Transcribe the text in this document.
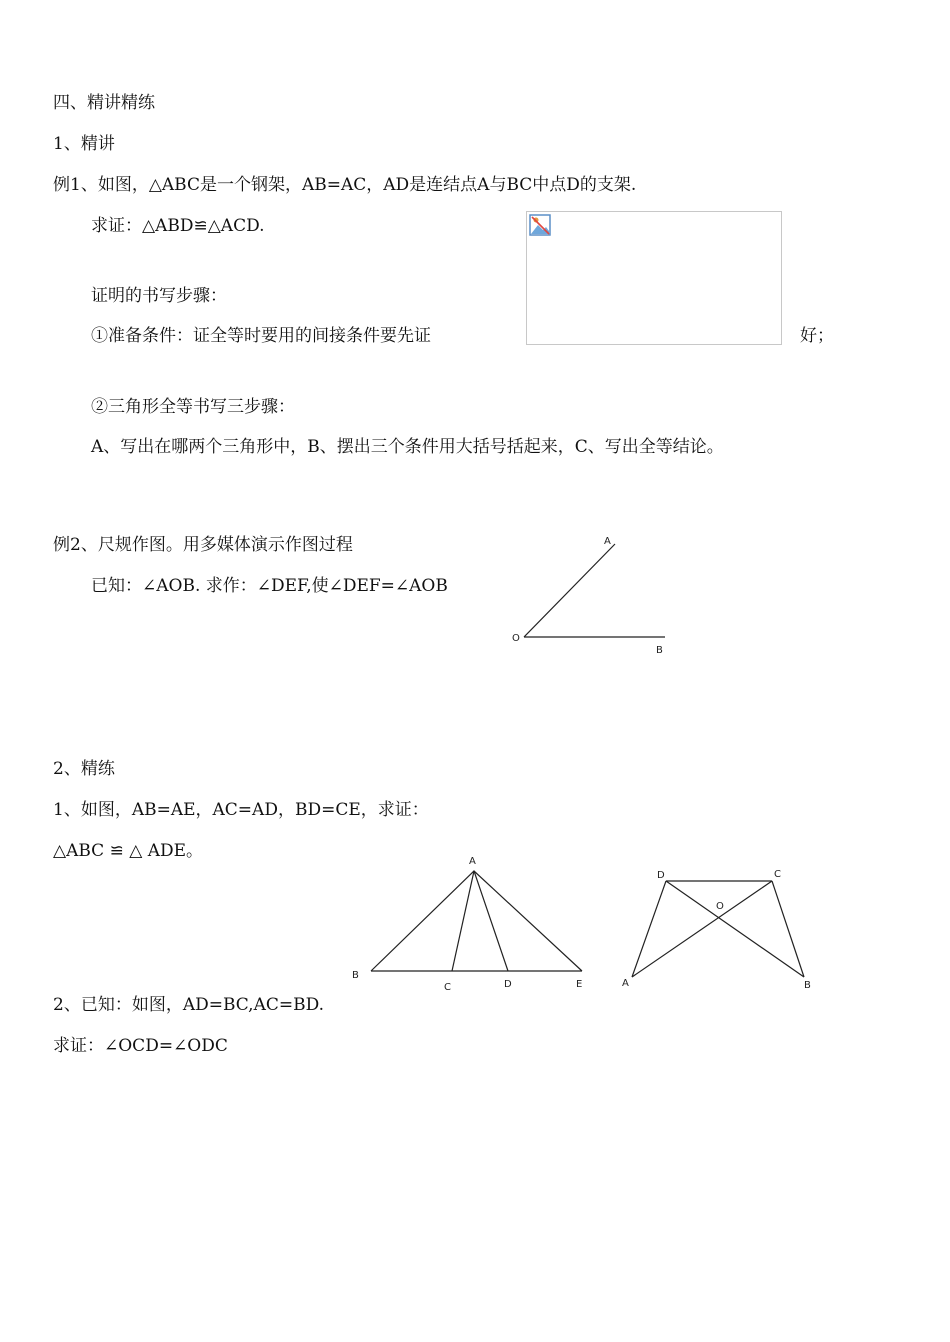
四、精讲精练
1、精讲
例1、如图，△ABC是一个钢架，AB=AC，AD是连结点A与BC中点D的支架.
求证：△ABD≌△ACD.
证明的书写步骤：
①准备条件：证全等时要用的间接条件要先证	好；
②三角形全等书写三步骤：
A、写出在哪两个三角形中，B、摆出三个条件用大括号括起来，C、写出全等结论。
例2、尺规作图。用多媒体演示作图过程
已知：∠AOB. 求作：∠DEF,使∠DEF=∠AOB
A
O
B
2、精练
1、如图，AB=AE，AC=AD，BD=CE，求证：
△ABC ≌ △ ADE。
A
B
C	D	E
D	C
O
A	B
2、已知：如图，AD=BC,AC=BD.
求证：∠OCD=∠ODC
